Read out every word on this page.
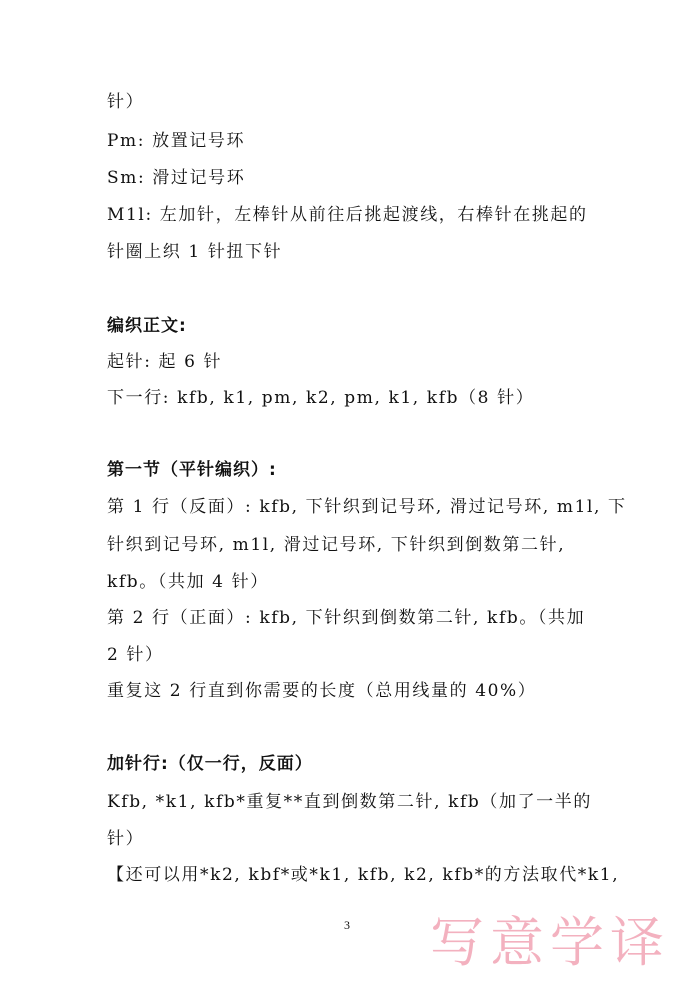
针）
Pm: 放置记号环
Sm: 滑过记号环
M1l: 左加针，左棒针从前往后挑起渡线，右棒针在挑起的
针圈上织 1 针扭下针
编织正文:
起针: 起 6 针
下一行: kfb, k1, pm, k2, pm, k1, kfb（8 针）
第一节（平针编织）:
第 1 行（反面）: kfb, 下针织到记号环, 滑过记号环, m1l, 下
针织到记号环, m1l, 滑过记号环, 下针织到倒数第二针,
kfb。（共加 4 针）
第 2 行（正面）: kfb, 下针织到倒数第二针, kfb。（共加
2 针）
重复这 2 行直到你需要的长度（总用线量的 40%）
加针行:（仅一行，反面）
Kfb, *k1, kfb*重复**直到倒数第二针, kfb（加了一半的
针）
【还可以用*k2, kbf*或*k1, kfb, k2, kfb*的方法取代*k1,
3 写意学译
